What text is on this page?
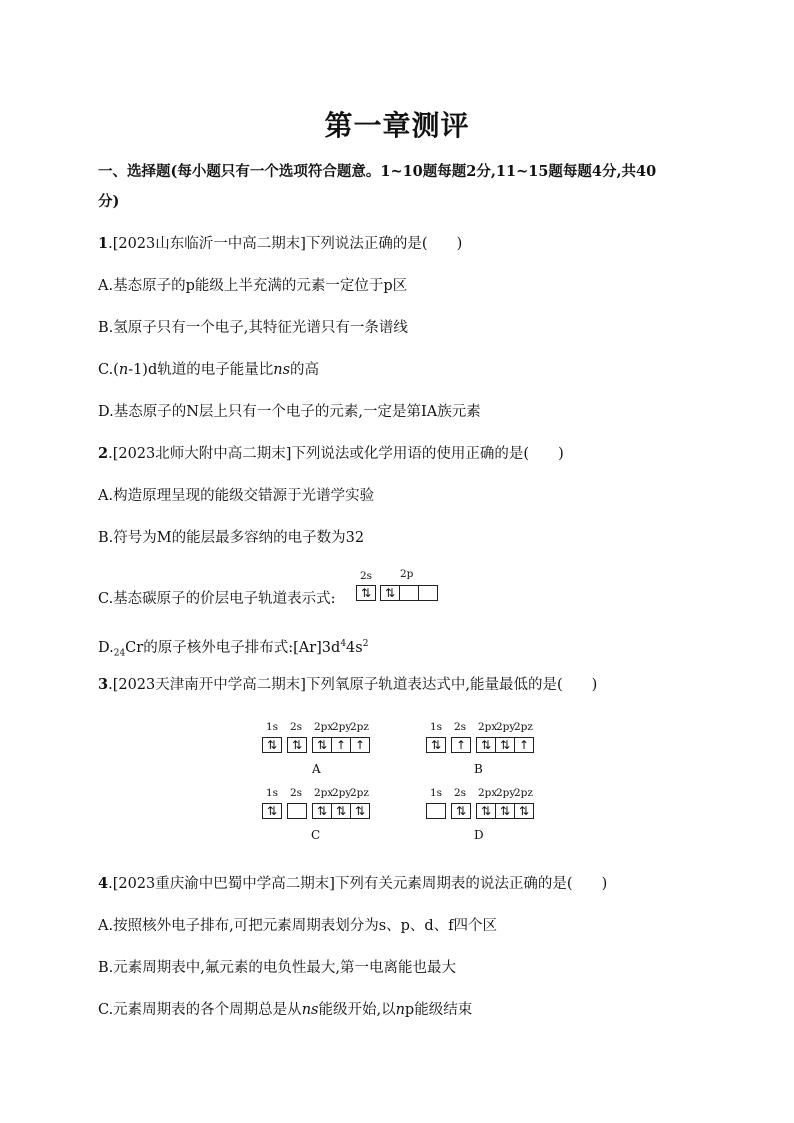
第一章测评
一、选择题(每小题只有一个选项符合题意。1~10题每题2分,11~15题每题4分,共40
分)
1.[2023山东临沂一中高二期末]下列说法正确的是(　　)
A.基态原子的p能级上半充满的元素一定位于p区
B.氢原子只有一个电子,其特征光谱只有一条谱线
C.(n-1)d轨道的电子能量比ns的高
D.基态原子的N层上只有一个电子的元素,一定是第ⅠA族元素
2.[2023北师大附中高二期末]下列说法或化学用语的使用正确的是(　　)
A.构造原理呈现的能级交错源于光谱学实验
B.符号为M的能层最多容纳的电子数为32
C.基态碳原子的价层电子轨道表示式:
2s	2p
⇅	⇅
$D._{24}Cr$的原子核外电子排布式$:[Ar]3d^44s^2$
3.[2023天津南开中学高二期末]下列氧原子轨道表达式中,能量最低的是(　　)
1s 2s 2px
2py
2pz
⇅	⇅	⇅ ↑ ↑
A
1s 2s 2px
2py
2pz
⇅	↑	⇅ ⇅ ↑
B
1s 2s 2px
2py
2pz
⇅	⇅ ⇅ ⇅
C
1s 2s 2px
2py
2pz
⇅	⇅ ⇅ ⇅
D
4.[2023重庆渝中巴蜀中学高二期末]下列有关元素周期表的说法正确的是(　　)
A.按照核外电子排布,可把元素周期表划分为s、p、d、f四个区
B.元素周期表中,氟元素的电负性最大,第一电离能也最大
C.元素周期表的各个周期总是从ns能级开始,以np能级结束
